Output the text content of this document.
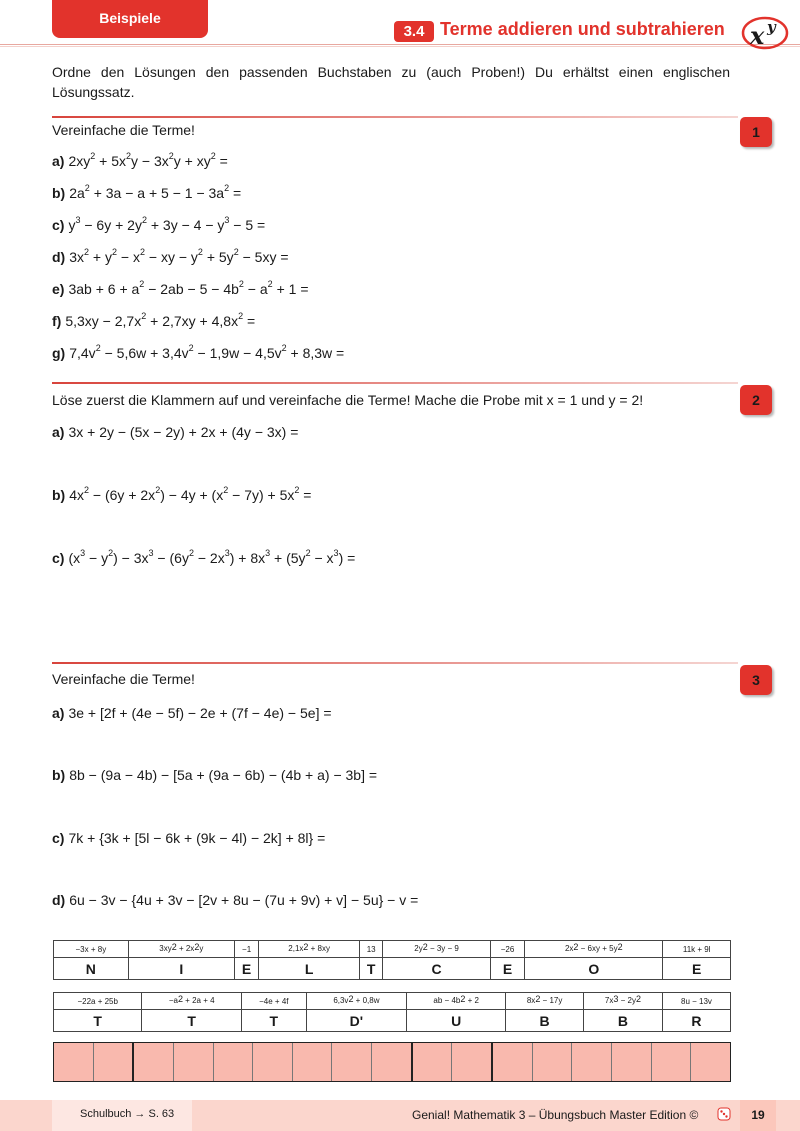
Beispiele
3.4 Terme addieren und subtrahieren x y
Ordne den Lösungen den passenden Buchstaben zu (auch Proben!) Du erhältst einen englischen Lösungssatz.
1
Vereinfache die Terme!
a) $2xy^2 + 5x^2y - 3x^2y + xy^2$ =
b) $2a^2 + 3a - a + 5 - 1 - 3a^2$ =
c) $y^3 - 6y + 2y^2 + 3y - 4 - y^3 - 5$ =
d) $3x^2 + y^2 - x^2$ − xy − $y^2 + 5y^2 - 5xy$ =
e) $3ab + 6 + a^2 - 2ab - 5 - 4b^2 - a^2 + 1$ =
f) $5,3xy - 2,7x^2 + 2,7xy + 4,8x^2$ =
g) $7,4v^2 - 5,6w + 3,4v^2 - 1,9w - 4,5v^2 + 8,3w$ =
2
Löse zuerst die Klammern auf und vereinfache die Terme! Mache die Probe mit x = 1 und y = 2!
a) 3x + 2y − (5x − 2y) + 2x + (4y − 3x) =
b) $4x^2 - (6y + 2x^2) - 4y + (x^2 - 7y) + 5x^2$ =
c) $(x^3 - y^2) - 3x^3 - (6y^2 - 2x^3) + 8x^3 + (5y^2 - x^3)$ =
3
Vereinfache die Terme!
a) 3e + [2f + (4e − 5f) − 2e + (7f − 4e) − 5e] =
b) 8b − (9a − 4b) − [5a + (9a − 6b) − (4b + a) − 3b] =
c) 7k + {3k + [5l − 6k + (9k − 4l) − 2k] + 8l} =
d) 6u − 3v − {4u + 3v − [2v + 8u − (7u + 9v) + v] − 5u} − v =
−3x + 8y	$3xy^2 + 2x^2y$	−1	$2,1x^2 + 8xy$	13	$2y^2 - 3y - 9$	−26	$2x^2 - 6xy + 5y^2$	11k + 9l
N	I	E	L	T	C	E	O	E
−22a + 25b	$-a^2 + 2a + 4$	−4e + 4f	$6,3v^2 + 0,8w$	ab − $4b^2 + 2$	$8x^2 - 17y$	$7x^3 - 2y^2$	8u − 13v
T	T	T	D'	U	B	B	R
Schulbuch → S. 63	Genial! Mathematik 3 – Übungsbuch Master Edition ©	19
